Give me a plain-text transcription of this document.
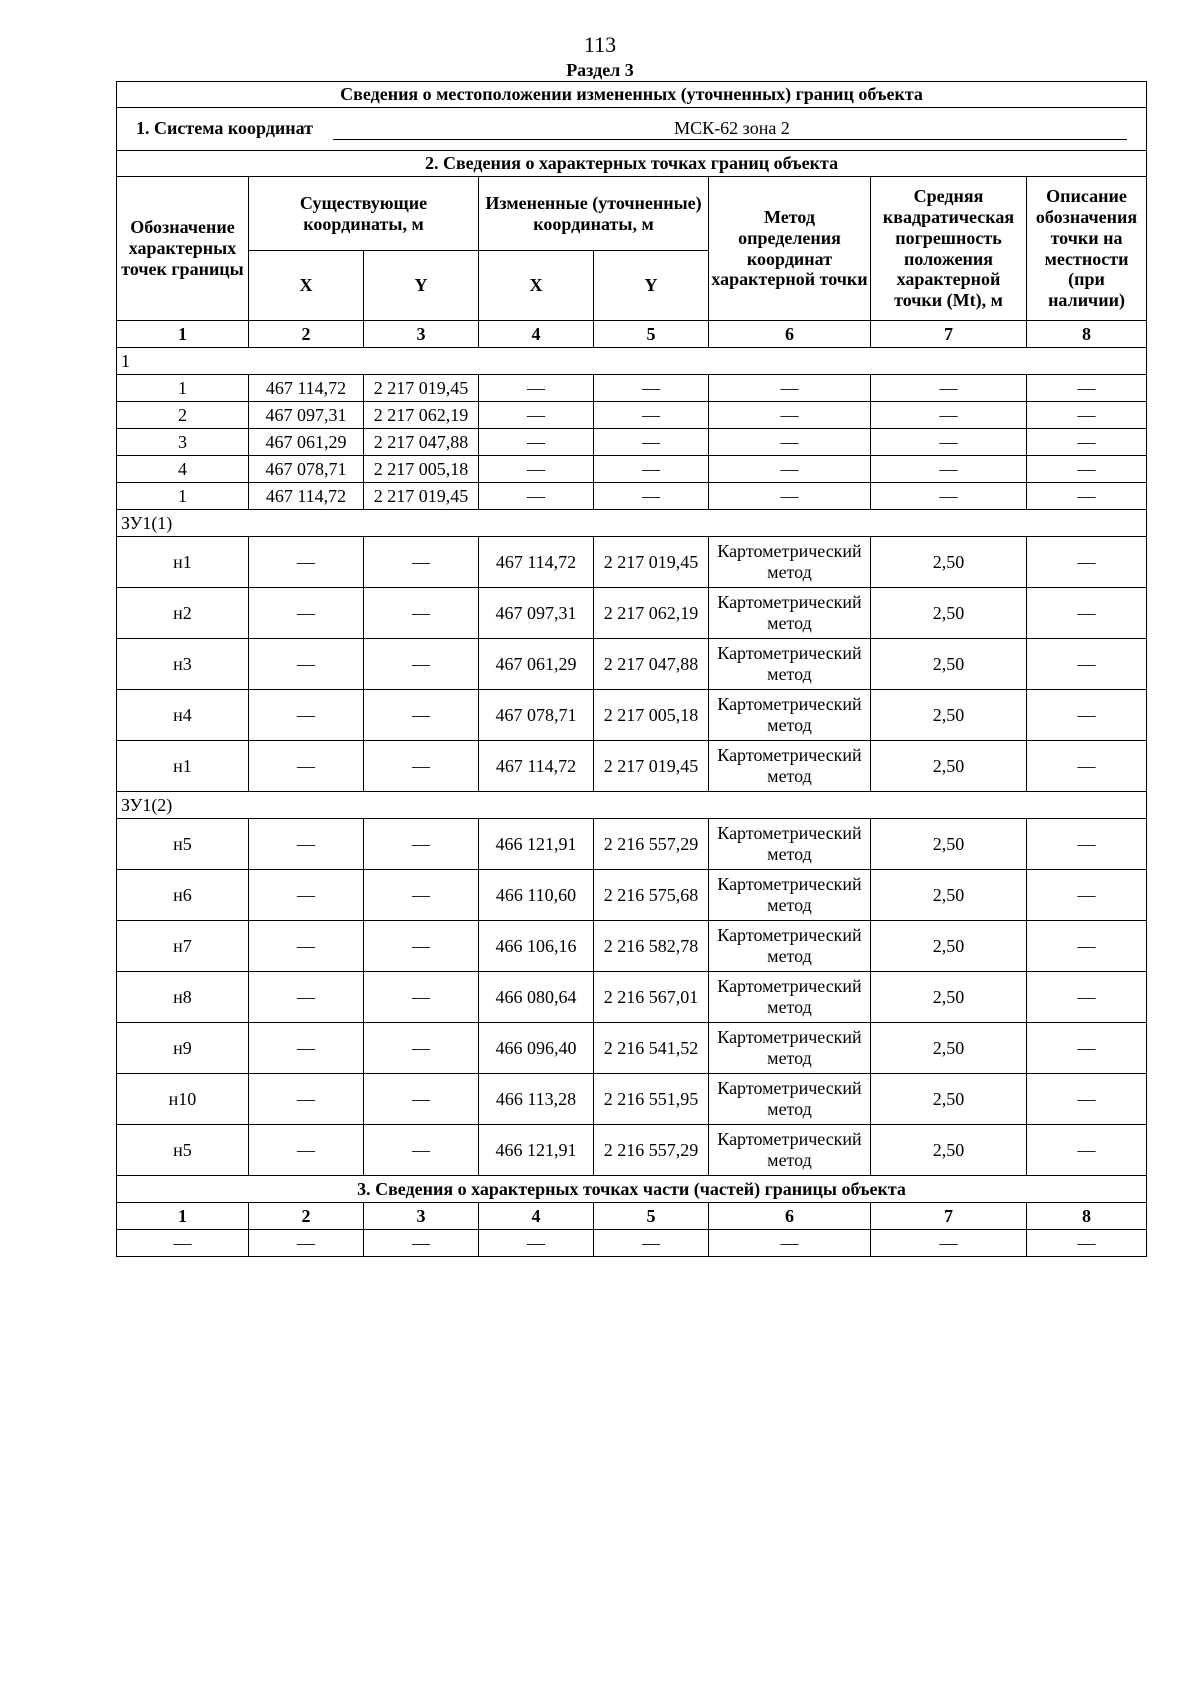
113
Раздел 3
Сведения о местоположении измененных (уточненных) границ объекта							
1. Система координат МСК-62 зона 2							
2. Сведения о характерных точках границ объекта							
Обозначение характерных точек границы	Существующие координаты, м		Измененные (уточненные) координаты, м		Метод определения координат характерной точки	Средняя квадратическая погрешность положения характерной точки (Mt), м	Описание обозначения точки на местности (при наличии)
	X	Y	X	Y			
1	2	3	4	5	6	7	8
1							
1	467 114,72	2 217 019,45	—	—	—	—	—
2	467 097,31	2 217 062,19	—	—	—	—	—
3	467 061,29	2 217 047,88	—	—	—	—	—
4	467 078,71	2 217 005,18	—	—	—	—	—
1	467 114,72	2 217 019,45	—	—	—	—	—
ЗУ1(1)							
н1	—	—	467 114,72	2 217 019,45	Картометрический метод	2,50	—
н2	—	—	467 097,31	2 217 062,19	Картометрический метод	2,50	—
н3	—	—	467 061,29	2 217 047,88	Картометрический метод	2,50	—
н4	—	—	467 078,71	2 217 005,18	Картометрический метод	2,50	—
н1	—	—	467 114,72	2 217 019,45	Картометрический метод	2,50	—
ЗУ1(2)							
н5	—	—	466 121,91	2 216 557,29	Картометрический метод	2,50	—
н6	—	—	466 110,60	2 216 575,68	Картометрический метод	2,50	—
н7	—	—	466 106,16	2 216 582,78	Картометрический метод	2,50	—
н8	—	—	466 080,64	2 216 567,01	Картометрический метод	2,50	—
н9	—	—	466 096,40	2 216 541,52	Картометрический метод	2,50	—
н10	—	—	466 113,28	2 216 551,95	Картометрический метод	2,50	—
н5	—	—	466 121,91	2 216 557,29	Картометрический метод	2,50	—
3. Сведения о характерных точках части (частей) границы объекта							
1	2	3	4	5	6	7	8
—	—	—	—	—	—	—	—
